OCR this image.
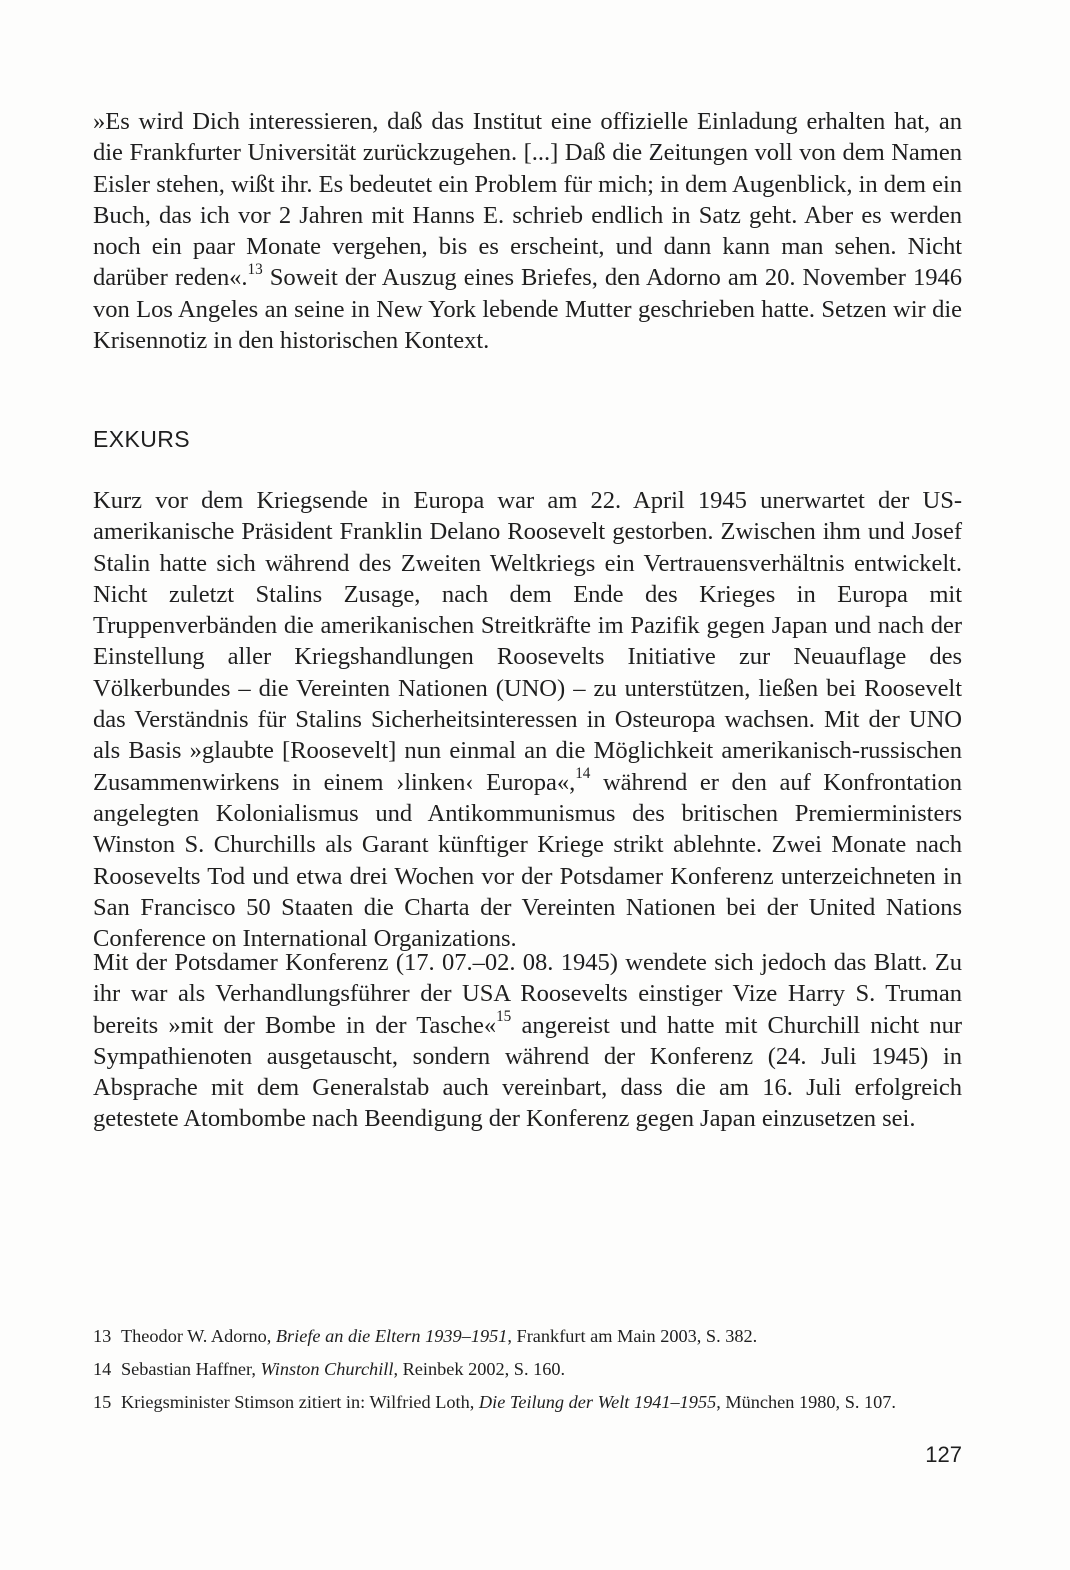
»Es wird Dich interessieren, daß das Institut eine offizielle Einladung erhalten hat, an die Frankfurter Universität zurückzugehen. [...] Daß die Zeitungen voll von dem Namen Eisler stehen, wißt ihr. Es bedeutet ein Problem für mich; in dem Augenblick, in dem ein Buch, das ich vor 2 Jahren mit Hanns E. schrieb endlich in Satz geht. Aber es werden noch ein paar Monate vergehen, bis es erscheint, und dann kann man sehen. Nicht darüber reden«.$^{13}$ Soweit der Auszug eines Briefes, den Adorno am 20. November 1946 von Los Angeles an seine in New York lebende Mutter geschrieben hatte. Setzen wir die Krisennotiz in den historischen Kontext.

EXKURS

Kurz vor dem Kriegsende in Europa war am 22. April 1945 unerwartet der US-amerikanische Präsident Franklin Delano Roosevelt gestorben. Zwischen ihm und Josef Stalin hatte sich während des Zweiten Weltkriegs ein Vertrauensverhältnis entwickelt. Nicht zuletzt Stalins Zusage, nach dem Ende des Krieges in Europa mit Truppenverbänden die amerikanischen Streitkräfte im Pazifik gegen Japan und nach der Einstellung aller Kriegshandlungen Roosevelts Initiative zur Neuauflage des Völkerbundes – die Vereinten Nationen (UNO) – zu unterstützen, ließen bei Roosevelt das Verständnis für Stalins Sicherheitsinteressen in Osteuropa wachsen. Mit der UNO als Basis »glaubte [Roosevelt] nun einmal an die Möglichkeit amerikanisch-russischen Zusammenwirkens in einem ›linken‹ Europa«,$^{14}$ während er den auf Konfrontation angelegten Kolonialismus und Antikommunismus des britischen Premierministers Winston S. Churchills als Garant künftiger Kriege strikt ablehnte. Zwei Monate nach Roosevelts Tod und etwa drei Wochen vor der Potsdamer Konferenz unterzeichneten in San Francisco 50 Staaten die Charta der Vereinten Nationen bei der United Nations Conference on International Organizations.

Mit der Potsdamer Konferenz (17. 07.–02. 08. 1945) wendete sich jedoch das Blatt. Zu ihr war als Verhandlungsführer der USA Roosevelts einstiger Vize Harry S. Truman bereits »mit der Bombe in der Tasche«$^{15}$ angereist und hatte mit Churchill nicht nur Sympathienoten ausgetauscht, sondern während der Konferenz (24. Juli 1945) in Absprache mit dem Generalstab auch vereinbart, dass die am 16. Juli erfolgreich getestete Atombombe nach Beendigung der Konferenz gegen Japan einzusetzen sei.

13 Theodor W. Adorno, Briefe an die Eltern 1939–1951, Frankfurt am Main 2003, S. 382.

14 Sebastian Haffner, Winston Churchill, Reinbek 2002, S. 160.

15 Kriegsminister Stimson zitiert in: Wilfried Loth, Die Teilung der Welt 1941–1955, München 1980, S. 107.

127
